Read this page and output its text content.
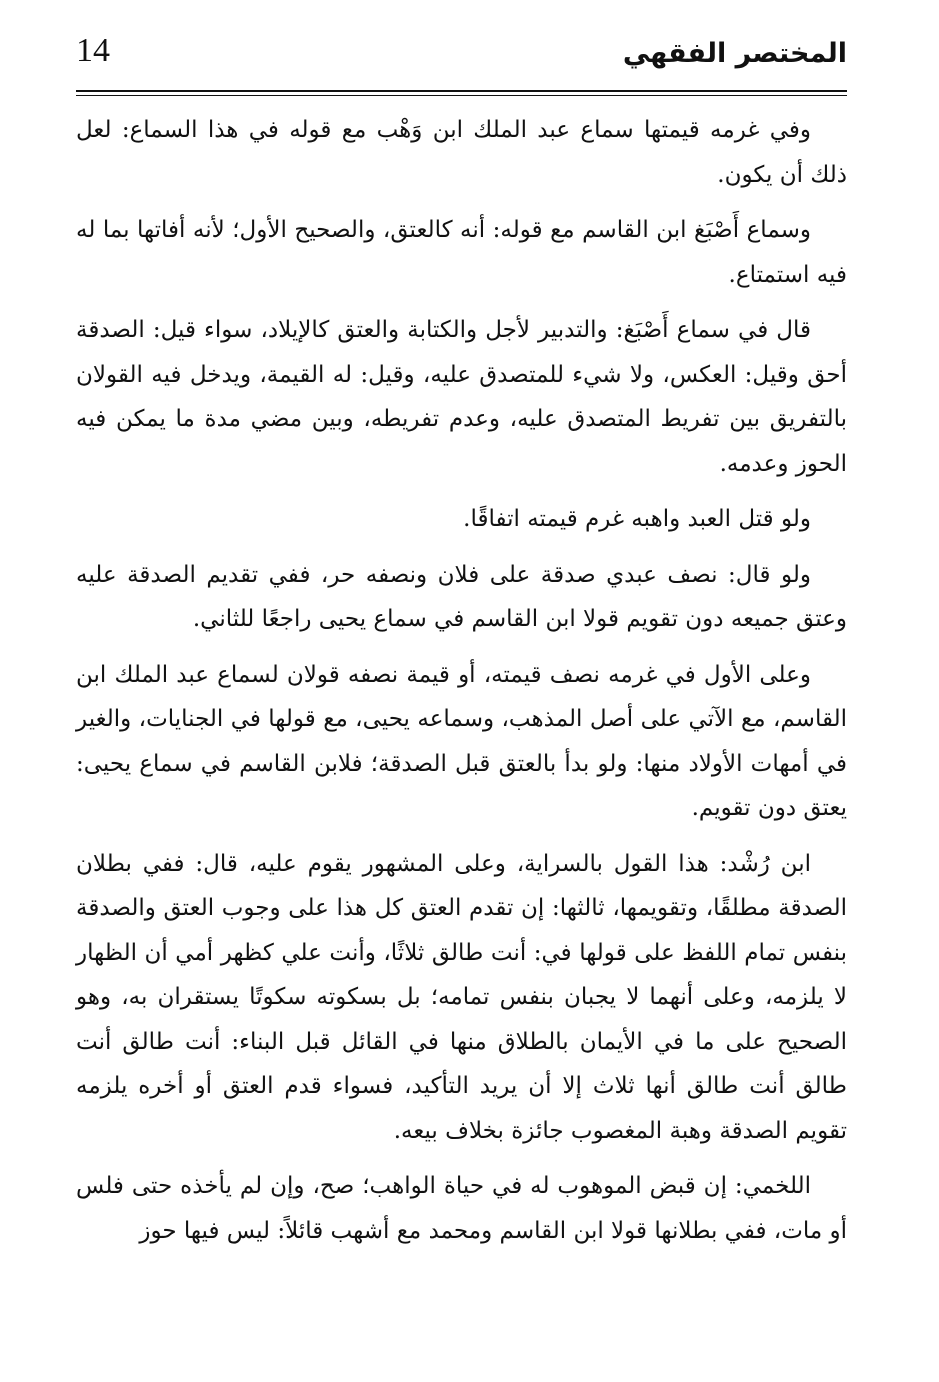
14	المختصر الفقهي

وفي غرمه قيمتها سماع عبد الملك ابن وَهْب مع قوله في هذا السماع: لعل ذلك أن يكون.

وسماع أَصْبَغ ابن القاسم مع قوله: أنه كالعتق، والصحيح الأول؛ لأنه أفاتها بما له فيه استمتاع.

قال في سماع أَصْبَغ: والتدبير لأجل والكتابة والعتق كالإيلاد، سواء قيل: الصدقة أحق وقيل: العكس، ولا شيء للمتصدق عليه، وقيل: له القيمة، ويدخل فيه القولان بالتفريق بين تفريط المتصدق عليه، وعدم تفريطه، وبين مضي مدة ما يمكن فيه الحوز وعدمه.

ولو قتل العبد واهبه غرم قيمته اتفاقًا.

ولو قال: نصف عبدي صدقة على فلان ونصفه حر، ففي تقديم الصدقة عليه وعتق جميعه دون تقويم قولا ابن القاسم في سماع يحيى راجعًا للثاني.

وعلى الأول في غرمه نصف قيمته، أو قيمة نصفه قولان لسماع عبد الملك ابن القاسم، مع الآتي على أصل المذهب، وسماعه يحيى، مع قولها في الجنايات، والغير في أمهات الأولاد منها: ولو بدأ بالعتق قبل الصدقة؛ فلابن القاسم في سماع يحيى: يعتق دون تقويم.

ابن رُشْد: هذا القول بالسراية، وعلى المشهور يقوم عليه، قال: ففي بطلان الصدقة مطلقًا، وتقويمها، ثالثها: إن تقدم العتق كل هذا على وجوب العتق والصدقة بنفس تمام اللفظ على قولها في: أنت طالق ثلاثًا، وأنت علي كظهر أمي أن الظهار لا يلزمه، وعلى أنهما لا يجبان بنفس تمامه؛ بل بسكوته سكوتًا يستقران به، وهو الصحيح على ما في الأيمان بالطلاق منها في القائل قبل البناء: أنت طالق أنت طالق أنت طالق أنها ثلاث إلا أن يريد التأكيد، فسواء قدم العتق أو أخره يلزمه تقويم الصدقة وهبة المغصوب جائزة بخلاف بيعه.

اللخمي: إن قبض الموهوب له في حياة الواهب؛ صح، وإن لم يأخذه حتى فلس أو مات، ففي بطلانها قولا ابن القاسم ومحمد مع أشهب قائلاً: ليس فيها حوز
